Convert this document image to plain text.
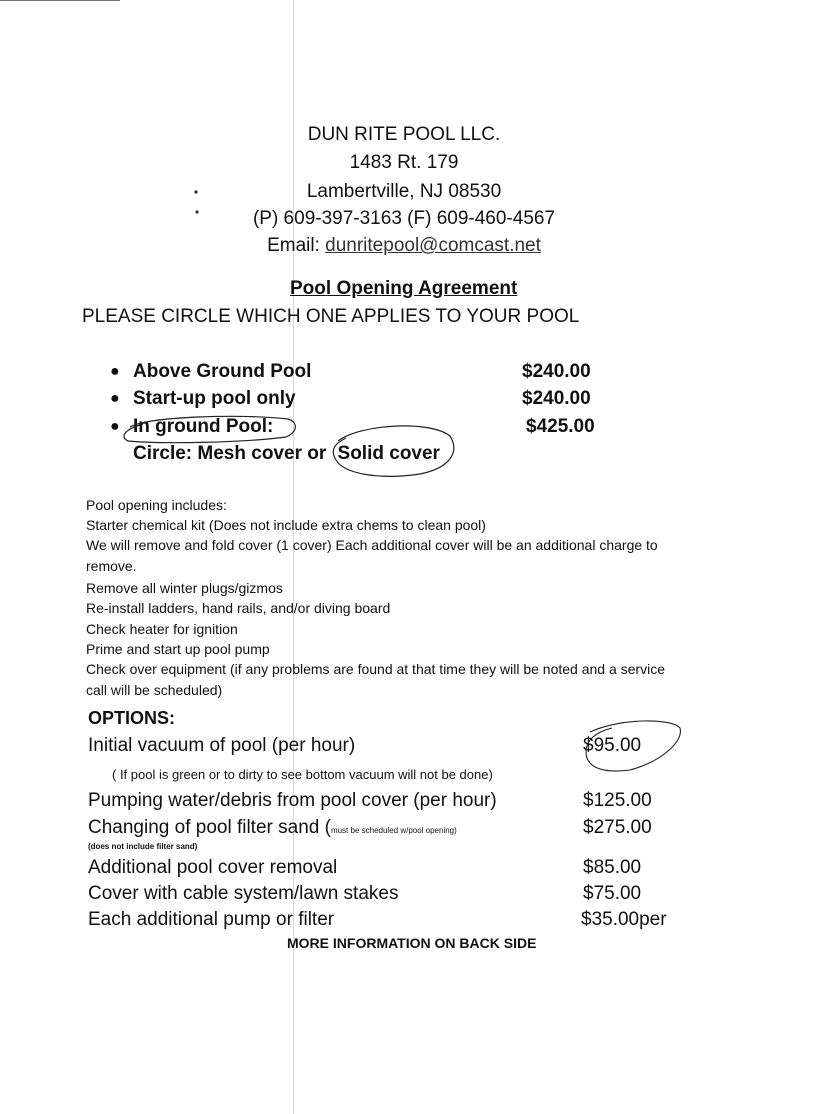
DUN RITE POOL LLC.
1483 Rt. 179
Lambertville, NJ 08530
(P) 609-397-3163 (F) 609-460-4567
Email: dunritepool@comcast.net
Pool Opening Agreement
PLEASE CIRCLE WHICH ONE APPLIES TO YOUR POOL
● Above Ground Pool	$240.00
● Start-up pool only	$240.00
● In ground Pool:	$425.00
Circle: Mesh cover or Solid cover
Pool opening includes:
Starter chemical kit (Does not include extra chems to clean pool)
We will remove and fold cover (1 cover) Each additional cover will be an additional charge to
remove.
Remove all winter plugs/gizmos
Re-install ladders, hand rails, and/or diving board
Check heater for ignition
Prime and start up pool pump
Check over equipment (if any problems are found at that time they will be noted and a service
call will be scheduled)
OPTIONS:
Initial vacuum of pool (per hour)	$95.00
( If pool is green or to dirty to see bottom vacuum will not be done)
Pumping water/debris from pool cover (per hour)	$125.00
Changing of pool filter sand (must be scheduled w/pool opening)	$275.00
(does not include filter sand)
Additional pool cover removal	$85.00
Cover with cable system/lawn stakes	$75.00
Each additional pump or filter	$35.00per
MORE INFORMATION ON BACK SIDE
